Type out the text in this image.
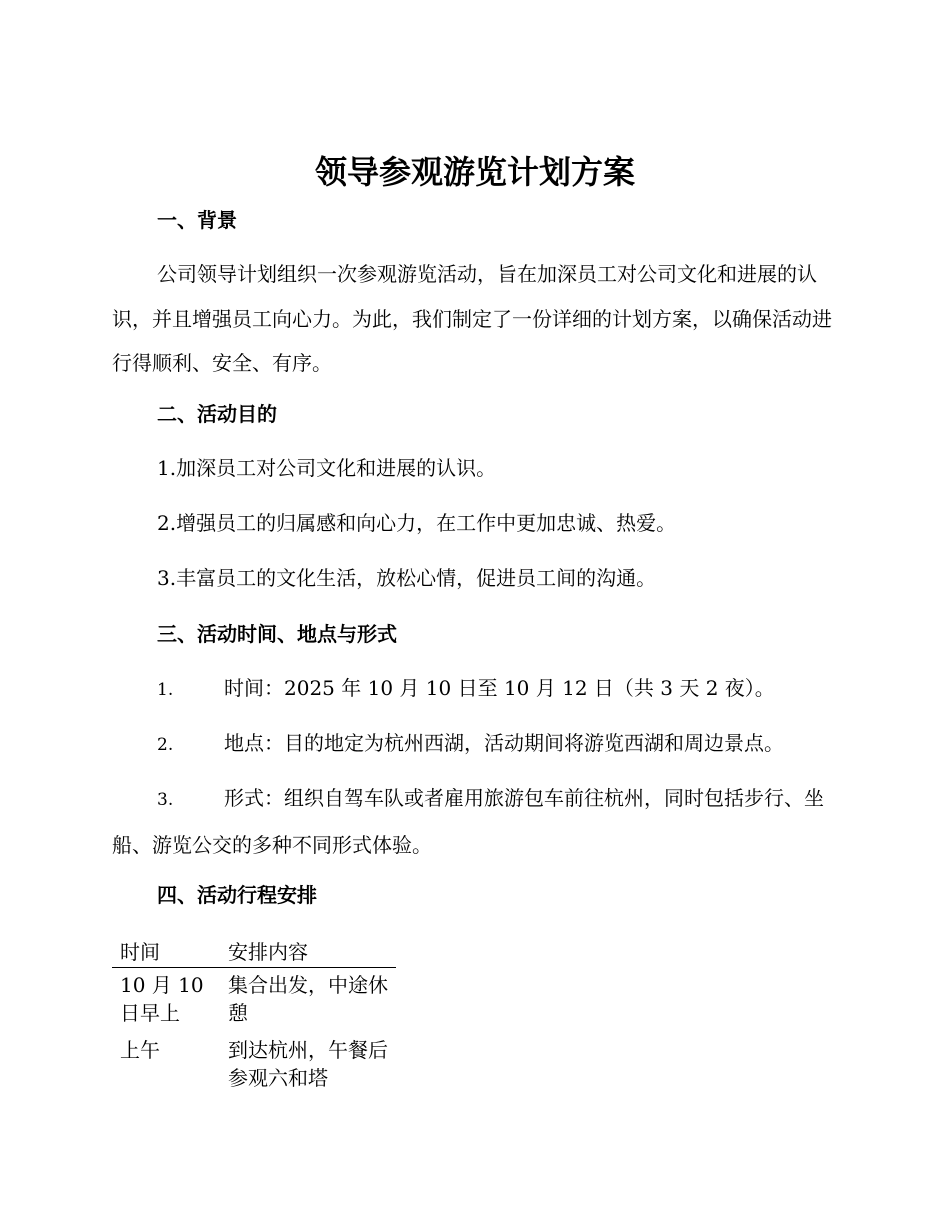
领导参观游览计划方案
一、背景

公司领导计划组织一次参观游览活动，旨在加深员工对公司文化和进展的认识，并且增强员工向心力。为此，我们制定了一份详细的计划方案，以确保活动进行得顺利、安全、有序。

二、活动目的

1.加深员工对公司文化和进展的认识。

2.增强员工的归属感和向心力，在工作中更加忠诚、热爱。

3.丰富员工的文化生活，放松心情，促进员工间的沟通。

三、活动时间、地点与形式

1.	时间：2025 年 10 月 10 日至 10 月 12 日（共 3 天 2 夜）。

2.	地点：目的地定为杭州西湖，活动期间将游览西湖和周边景点。

3.	形式：组织自驾车队或者雇用旅游包车前往杭州，同时包括步行、坐船、游览公交的多种不同形式体验。

四、活动行程安排
时间	安排内容
10 月 10 日早上	集合出发，中途休憩
上午	到达杭州，午餐后参观六和塔
